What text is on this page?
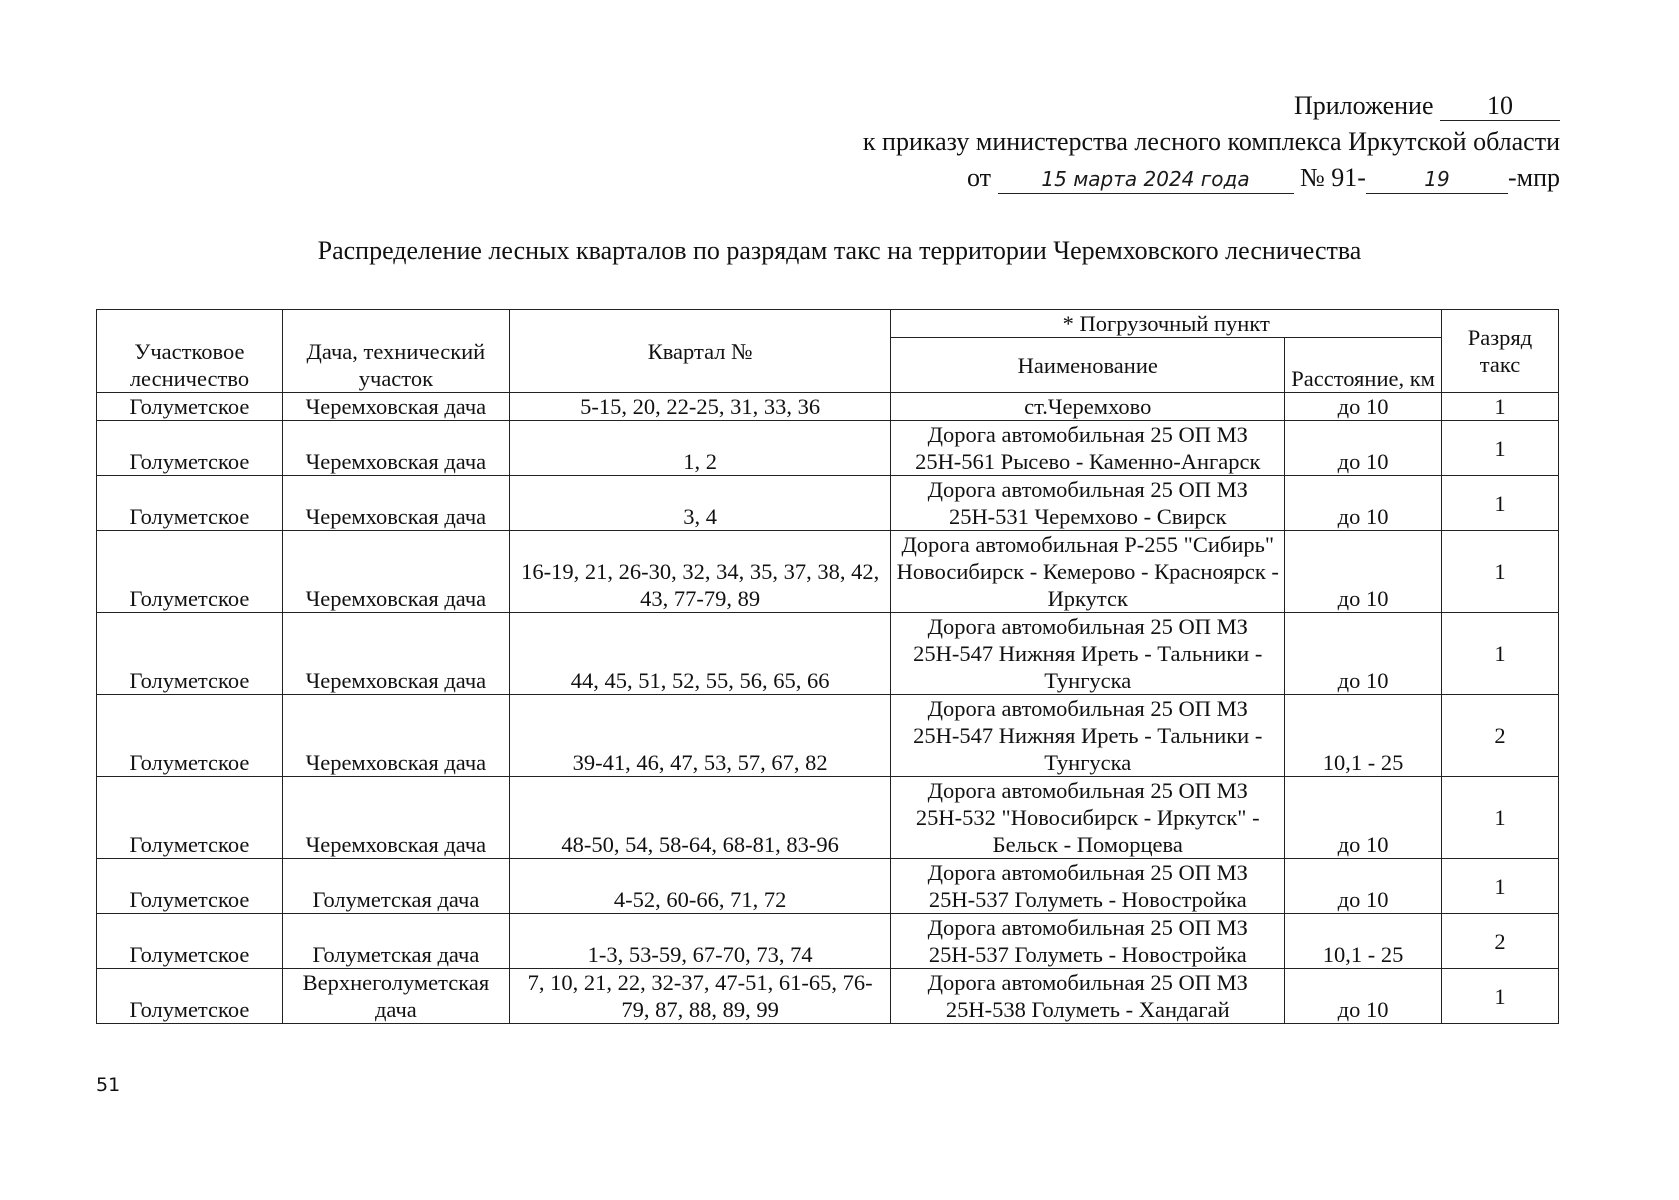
Приложение 10
к приказу министерства лесного комплекса Иркутской области
от	15 марта 2024 года № 91-	19 -мпр
Распределение лесных кварталов по разрядам такс на территории Черемховского лесничества
Участковое лесничество	Дача, технический участок	Квартал №	* Погрузочный пункт		Разряд такс
			Наименование	Расстояние, км	
Голуметское	Черемховская дача	5-15, 20, 22-25, 31, 33, 36	ст.Черемхово	до 10	1
Голуметское	Черемховская дача	1, 2	Дорога автомобильная 25 ОП МЗ 25Н-561 Рысево - Каменно-Ангарск	до 10	1
Голуметское	Черемховская дача	3, 4	Дорога автомобильная 25 ОП МЗ 25Н-531 Черемхово - Свирск	до 10	1
Голуметское	Черемховская дача	16-19, 21, 26-30, 32, 34, 35, 37, 38, 42, 43, 77-79, 89	Дорога автомобильная Р-255 "Сибирь" Новосибирск - Кемерово - Красноярск - Иркутск	до 10	1
Голуметское	Черемховская дача	44, 45, 51, 52, 55, 56, 65, 66	Дорога автомобильная 25 ОП МЗ 25Н-547 Нижняя Иреть - Тальники - Тунгуска	до 10	1
Голуметское	Черемховская дача	39-41, 46, 47, 53, 57, 67, 82	Дорога автомобильная 25 ОП МЗ 25Н-547 Нижняя Иреть - Тальники - Тунгуска	10,1 - 25	2
Голуметское	Черемховская дача	48-50, 54, 58-64, 68-81, 83-96	Дорога автомобильная 25 ОП МЗ 25Н-532 "Новосибирск - Иркутск" - Бельск - Поморцева	до 10	1
Голуметское	Голуметская дача	4-52, 60-66, 71, 72	Дорога автомобильная 25 ОП МЗ 25Н-537 Голуметь - Новостройка	до 10	1
Голуметское	Голуметская дача	1-3, 53-59, 67-70, 73, 74	Дорога автомобильная 25 ОП МЗ 25Н-537 Голуметь - Новостройка	10,1 - 25	2
Голуметское	Верхнеголуметская дача	7, 10, 21, 22, 32-37, 47-51, 61-65, 76-79, 87, 88, 89, 99	Дорога автомобильная 25 ОП МЗ 25Н-538 Голуметь - Хандагай	до 10	1
51
